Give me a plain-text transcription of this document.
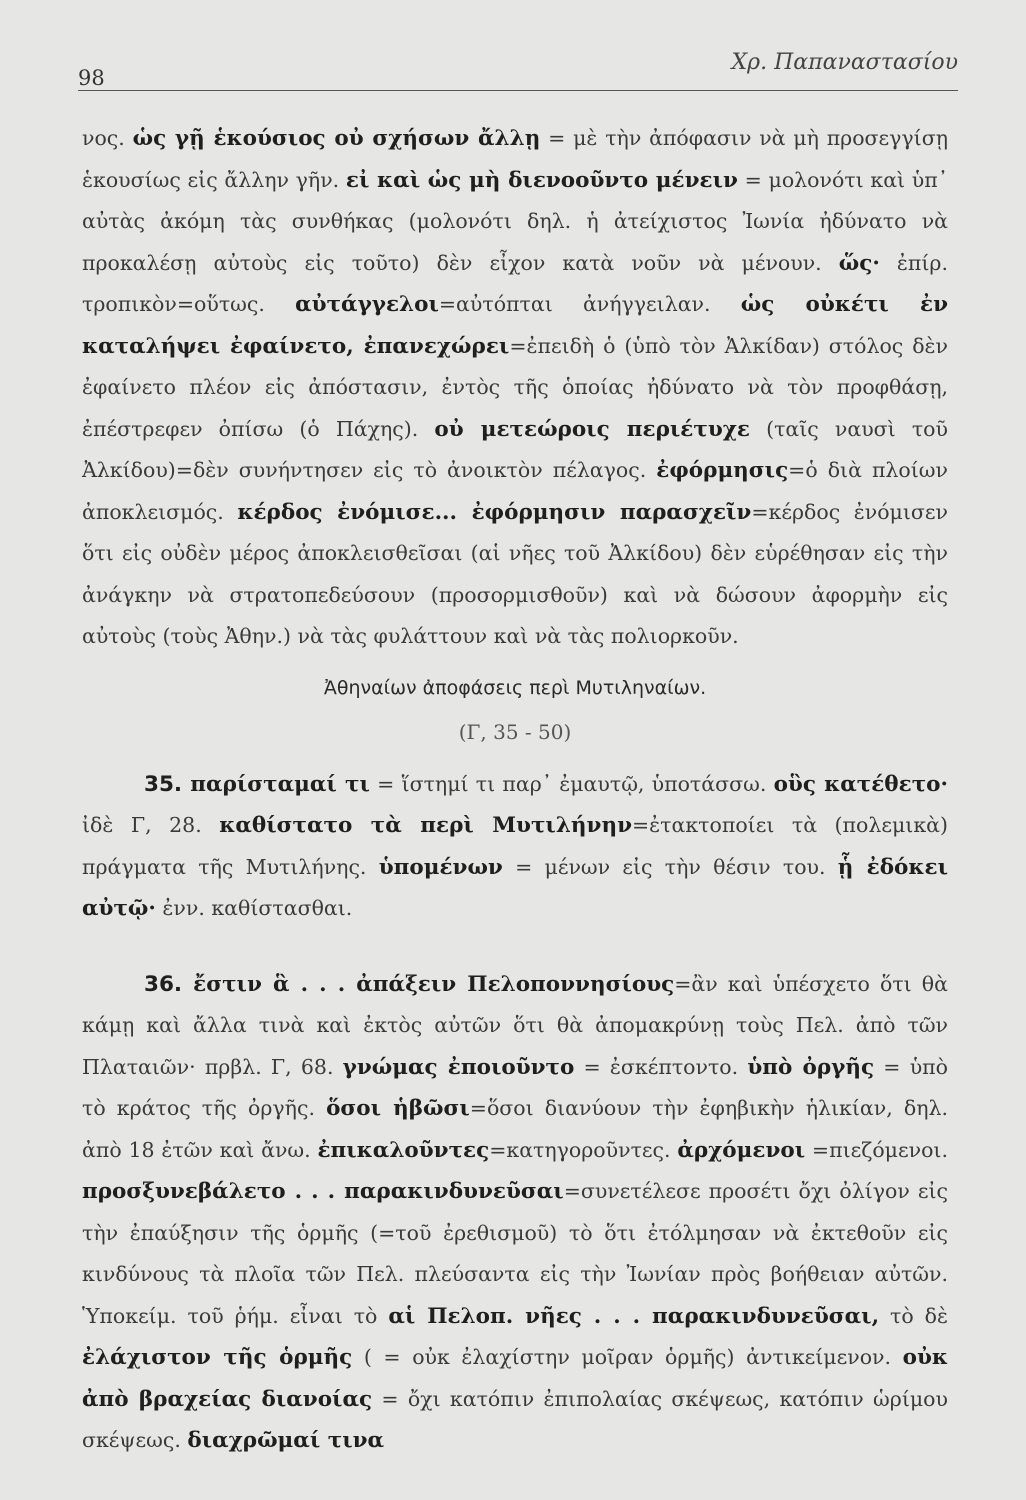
98
Χρ. Παπαναστασίου

νος. ὡς γῇ ἑκούσιος οὐ σχήσων ἄλλῃ = μὲ τὴν ἀπόφασιν νὰ μὴ προσεγγίσῃ ἑκουσίως εἰς ἄλλην γῆν. εἰ καὶ ὡς μὴ διενοοῦντο μένειν = μολονότι καὶ ὑπ᾽ αὐτὰς ἀκόμη τὰς συνθήκας (μολονότι δηλ. ἡ ἀτείχιστος Ἰωνία ἠδύνατο νὰ προκαλέσῃ αὐτοὺς εἰς τοῦτο) δὲν εἶχον κατὰ νοῦν νὰ μένουν. ὥς· ἐπίρ. τροπικὸν=οὕτως. αὐτάγγελοι=αὐτόπται ἀνήγγειλαν. ὡς οὐκέτι ἐν καταλήψει ἐφαίνετο, ἐπανεχώρει=ἐπειδὴ ὁ (ὑπὸ τὸν Ἀλκίδαν) στόλος δὲν ἐφαίνετο πλέον εἰς ἀπόστασιν, ἐντὸς τῆς ὁποίας ἠδύνατο νὰ τὸν προφθάσῃ, ἐπέστρεφεν ὀπίσω (ὁ Πάχης). οὐ μετεώροις περιέτυχε (ταῖς ναυσὶ τοῦ Ἀλκίδου)=δὲν συνήντησεν εἰς τὸ ἀνοικτὸν πέλαγος. ἐφόρμησις=ὁ διὰ πλοίων ἀποκλεισμός. κέρδος ἐνόμισε... ἐφόρμησιν παρασχεῖν=κέρδος ἐνόμισεν ὅτι εἰς οὐδὲν μέρος ἀποκλεισθεῖσαι (αἱ νῆες τοῦ Ἀλκίδου) δὲν εὑρέθησαν εἰς τὴν ἀνάγκην νὰ στρατοπεδεύσουν (προσορμισθοῦν) καὶ νὰ δώσουν ἀφορμὴν εἰς αὐτοὺς (τοὺς Ἀθην.) νὰ τὰς φυλάττουν καὶ νὰ τὰς πολιορκοῦν.

Ἀθηναίων ἀποφάσεις περὶ Μυτιληναίων.

(Γ, 35 - 50)

35. παρίσταμαί τι = ἵστημί τι παρ᾽ ἐμαυτῷ, ὑποτάσσω. οὓς κατέθετο· ἰδὲ Γ, 28. καθίστατο τὰ περὶ Μυτιλήνην=ἐτακτοποίει τὰ (πολεμικὰ) πράγματα τῆς Μυτιλήνης. ὑπομένων = μένων εἰς τὴν θέσιν του. ᾗ ἐδόκει αὐτῷ· ἐνν. καθίστασθαι.

36. ἔστιν ἃ . . . ἀπάξειν Πελοποννησίους=ἂν καὶ ὑπέσχετο ὅτι θὰ κάμῃ καὶ ἄλλα τινὰ καὶ ἐκτὸς αὐτῶν ὅτι θὰ ἀπομακρύνῃ τοὺς Πελ. ἀπὸ τῶν Πλαταιῶν· πρβλ. Γ, 68. γνώμας ἐποιοῦντο = ἐσκέπτοντο. ὑπὸ ὀργῆς = ὑπὸ τὸ κράτος τῆς ὀργῆς. ὅσοι ἡβῶσι=ὅσοι διανύουν τὴν ἐφηβικὴν ἡλικίαν, δηλ. ἀπὸ 18 ἐτῶν καὶ ἄνω. ἐπικαλοῦντες=κατηγοροῦντες. ἀρχόμενοι =πιεζόμενοι. προσξυνεβάλετο . . . παρακινδυνεῦσαι=συνετέλεσε προσέτι ὄχι ὀλίγον εἰς τὴν ἐπαύξησιν τῆς ὁρμῆς (=τοῦ ἐρεθισμοῦ) τὸ ὅτι ἐτόλμησαν νὰ ἐκτεθοῦν εἰς κινδύνους τὰ πλοῖα τῶν Πελ. πλεύσαντα εἰς τὴν Ἰωνίαν πρὸς βοήθειαν αὐτῶν. Ὑποκείμ. τοῦ ῥήμ. εἶναι τὸ αἱ Πελοπ. νῆες . . . παρακινδυνεῦσαι, τὸ δὲ ἐλάχιστον τῆς ὁρμῆς ( = οὐκ ἐλαχίστην μοῖραν ὁρμῆς) ἀντικείμενον. οὐκ ἀπὸ βραχείας διανοίας = ὄχι κατόπιν ἐπιπολαίας σκέψεως, κατόπιν ὡρίμου σκέψεως. διαχρῶμαί τινα
